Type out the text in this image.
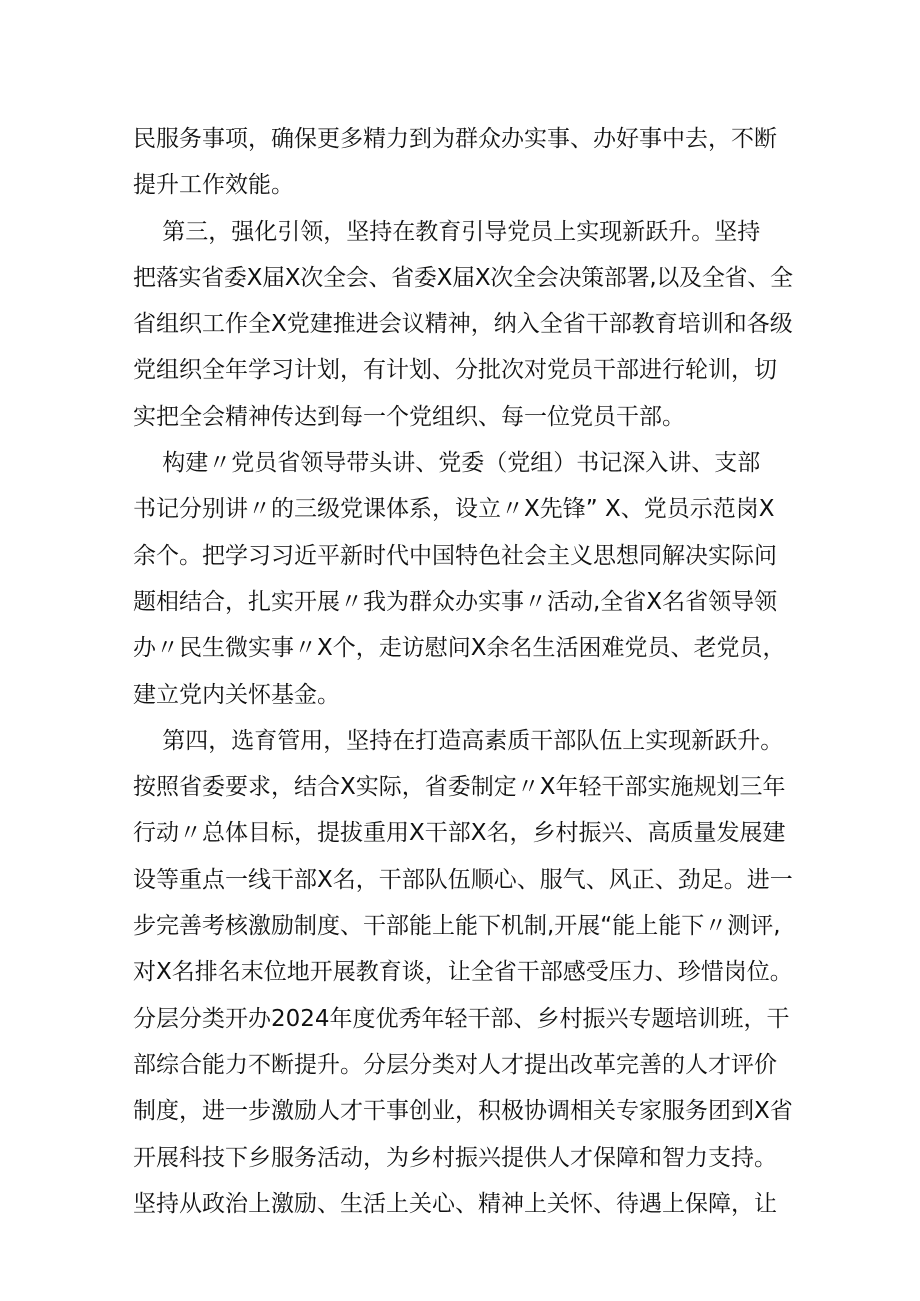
民服务事项，确保更多精力到为群众办实事、办好事中去，不断
提升工作效能。
第三，强化引领，坚持在教育引导党员上实现新跃升。坚持
把落实省委X届X次全会、省委X届X次全会决策部署,以及全省、全
省组织工作全X党建推进会议精神，纳入全省干部教育培训和各级
党组织全年学习计划，有计划、分批次对党员干部进行轮训，切
实把全会精神传达到每一个党组织、每一位党员干部。
构建〃党员省领导带头讲、党委（党组）书记深入讲、支部
书记分别讲〃的三级党课体系，设立〃X先锋” X、党员示范岗X
余个。把学习习近平新时代中国特色社会主义思想同解决实际问
题相结合，扎实开展〃我为群众办实事〃活动,全省X名省领导领
办〃民生微实事〃X个，走访慰问X余名生活困难党员、老党员，
建立党内关怀基金。
第四，选育管用，坚持在打造高素质干部队伍上实现新跃升。
按照省委要求，结合X实际，省委制定〃X年轻干部实施规划三年
行动〃总体目标，提拔重用X干部X名，乡村振兴、高质量发展建
设等重点一线干部X名，干部队伍顺心、服气、风正、劲足。进一
步完善考核激励制度、干部能上能下机制,开展“能上能下〃测评,
对X名排名末位地开展教育谈，让全省干部感受压力、珍惜岗位。
分层分类开办2024年度优秀年轻干部、乡村振兴专题培训班，干
部综合能力不断提升。分层分类对人才提出改革完善的人才评价
制度，进一步激励人才干事创业，积极协调相关专家服务团到X省
开展科技下乡服务活动，为乡村振兴提供人才保障和智力支持。
坚持从政治上激励、生活上关心、精神上关怀、待遇上保障，让
